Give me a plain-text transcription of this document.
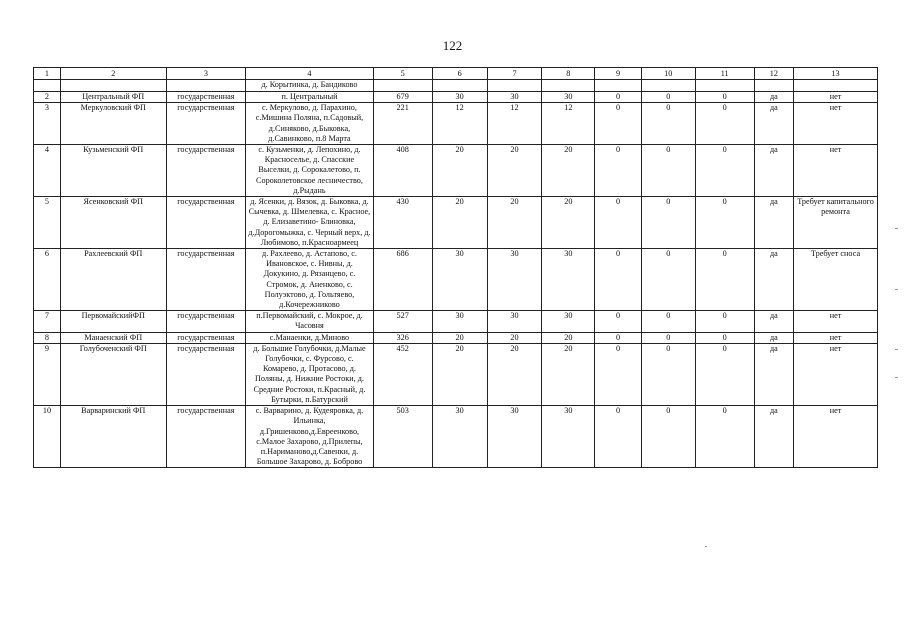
122
1	2	3	4	5	6	7	8	9	10	11	12	13
			д. Корытинка, д. Бандиково									
2	Центральный ФП	государственная	п. Центральный	679	30	30	30	0	0	0	да	нет
3	Меркуловский ФП	государственная	с. Меркулово, д. Парахино, с.Мишина Поляна, п.Садовый, д.Синяково, д.Быковка, д.Савинково, п.8 Марта	221	12	12	12	0	0	0	да	нет
4	Кузьменский ФП	государственная	с. Кузьменки, д. Лепохино, д. Красноселье, д. Спасские Выселки, д. Сорокалетово, п. Сороколетовское лесничество, д.Рыдань	408	20	20	20	0	0	0	да	нет
5	Ясенковский ФП	государственная	д. Ясенки, д. Вязок, д. Быковка, д. Сычевка, д. Шмелевка, с. Красное, д. Елизаветино- Блиновка, д.Дорогомыжка, с. Черный верх, д. Любимово, п.Красноармеец	430	20	20	20	0	0	0	да	Требует капитального ремонта
6	Рахлеевский ФП	государственная	д. Рахлеево, д. Астапово, с. Ивановское, с. Нивны, д. Докукино, д. Рязанцево, с. Стромок, д. Аненково, с. Полуэктово, д. Гольтяево, д.Кочережниково	686	30	30	30	0	0	0	да	Требует сноса
7	ПервомайскийФП	государственная	п.Первомайский, с. Мокрое, д. Часовня	527	30	30	30	0	0	0	да	нет
8	Манаенский ФП	государственная	с.Манаенки, д.Миново	326	20	20	20	0	0	0	да	нет
9	Голубоченский ФП	государственная	д. Большие Голубочки, д.Малые Голубочки, с. Фурсово, с. Комарево, д. Протасово, д. Поляны, д. Нижние Ростоки, д. Средние Ростоки, п.Красный, д. Бутырки, п.Батурский	452	20	20	20	0	0	0	да	нет
10	Варваринский ФП	государственная	с. Варварино, д. Кудеяровка, д. Ильинка, д.Гришенково,д.Евреенково, с.Малое Захарово, д.Прилепы, п.Нариманово,д.Савенки, д. Большое Захарово, д. Боброво	503	30	30	30	0	0	0	да	нет
